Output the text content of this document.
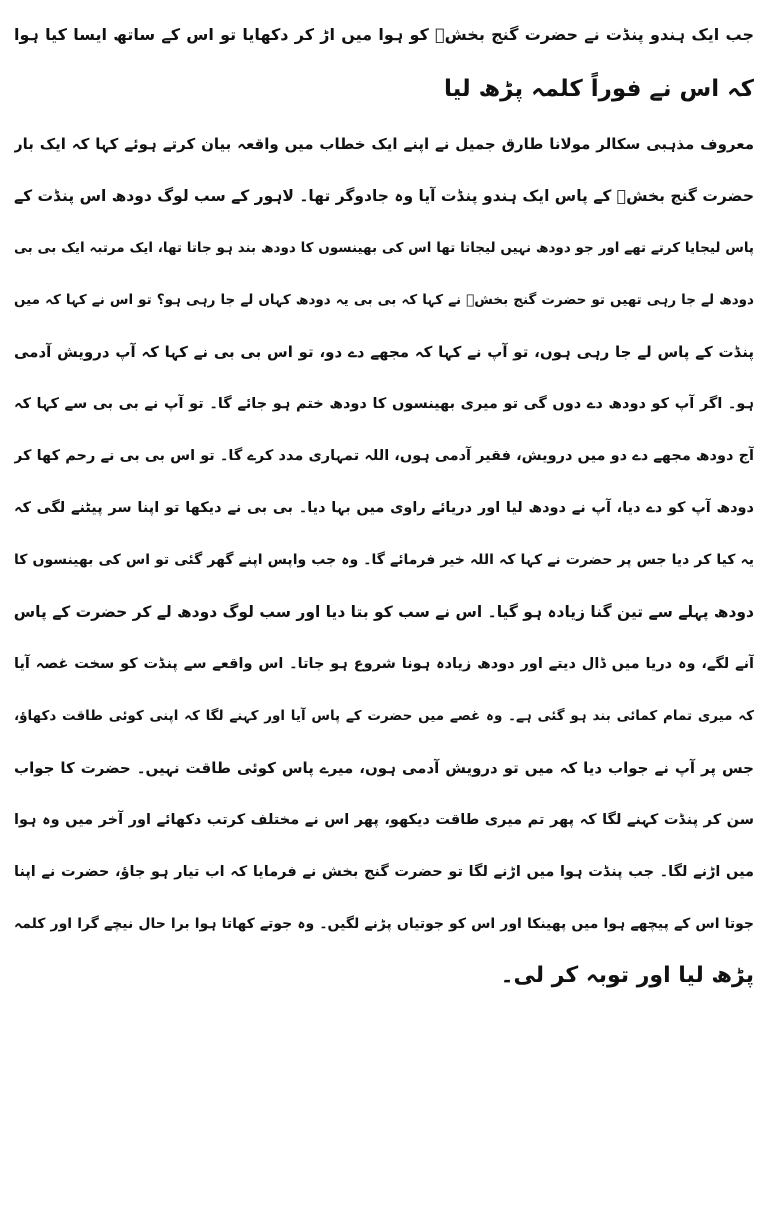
جب ایک ہندو پنڈت نے حضرت گنج بخشؒ کو ہوا میں اڑ کر دکھایا تو اس کے ساتھ ایسا کیا ہوا
کہ اس نے فوراً کلمہ پڑھ لیا
معروف مذہبی سکالر مولانا طارق جمیل نے اپنے ایک خطاب میں واقعہ بیان کرتے ہوئے کہا کہ ایک بار
حضرت گنج بخشؒ کے پاس ایک ہندو پنڈت آیا وہ جادوگر تھا۔ لاہور کے سب لوگ دودھ اس پنڈت کے
پاس لیجایا کرتے تھے اور جو دودھ نہیں لیجاتا تھا اس کی بھینسوں کا دودھ بند ہو جاتا تھا، ایک مرتبہ ایک بی بی
دودھ لے جا رہی تھیں تو حضرت گنج بخشؒ نے کہا کہ بی بی یہ دودھ کہاں لے جا رہی ہو؟ تو اس نے کہا کہ میں
پنڈت کے پاس لے جا رہی ہوں، تو آپ نے کہا کہ مجھے دے دو، تو اس بی بی نے کہا کہ آپ درویش آدمی
ہو۔ اگر آپ کو دودھ دے دوں گی تو میری بھینسوں کا دودھ ختم ہو جائے گا۔ تو آپ نے بی بی سے کہا کہ
آج دودھ مجھے دے دو میں درویش، فقیر آدمی ہوں، اللہ تمہاری مدد کرے گا۔ تو اس بی بی نے رحم کھا کر
دودھ آپ کو دے دیا، آپ نے دودھ لیا اور دریائے راوی میں بہا دیا۔ بی بی نے دیکھا تو اپنا سر پیٹنے لگی کہ
یہ کیا کر دیا جس پر حضرت نے کہا کہ اللہ خیر فرمائے گا۔ وہ جب واپس اپنے گھر گئی تو اس کی بھینسوں کا
دودھ پہلے سے تین گنا زیادہ ہو گیا۔ اس نے سب کو بتا دیا اور سب لوگ دودھ لے کر حضرت کے پاس
آنے لگے، وہ دریا میں ڈال دیتے اور دودھ زیادہ ہونا شروع ہو جاتا۔ اس واقعے سے پنڈت کو سخت غصہ آیا
کہ میری تمام کمائی بند ہو گئی ہے۔ وہ غصے میں حضرت کے پاس آیا اور کہنے لگا کہ اپنی کوئی طاقت دکھاؤ،
جس پر آپ نے جواب دیا کہ میں تو درویش آدمی ہوں، میرے پاس کوئی طاقت نہیں۔ حضرت کا جواب
سن کر پنڈت کہنے لگا کہ پھر تم میری طاقت دیکھو، پھر اس نے مختلف کرتب دکھائے اور آخر میں وہ ہوا
میں اڑنے لگا۔ جب پنڈت ہوا میں اڑنے لگا تو حضرت گنج بخش نے فرمایا کہ اب تیار ہو جاؤ، حضرت نے اپنا
جوتا اس کے پیچھے ہوا میں پھینکا اور اس کو جوتیاں پڑنے لگیں۔ وہ جوتے کھاتا ہوا برا حال نیچے گرا اور کلمہ
پڑھ لیا اور توبہ کر لی۔
